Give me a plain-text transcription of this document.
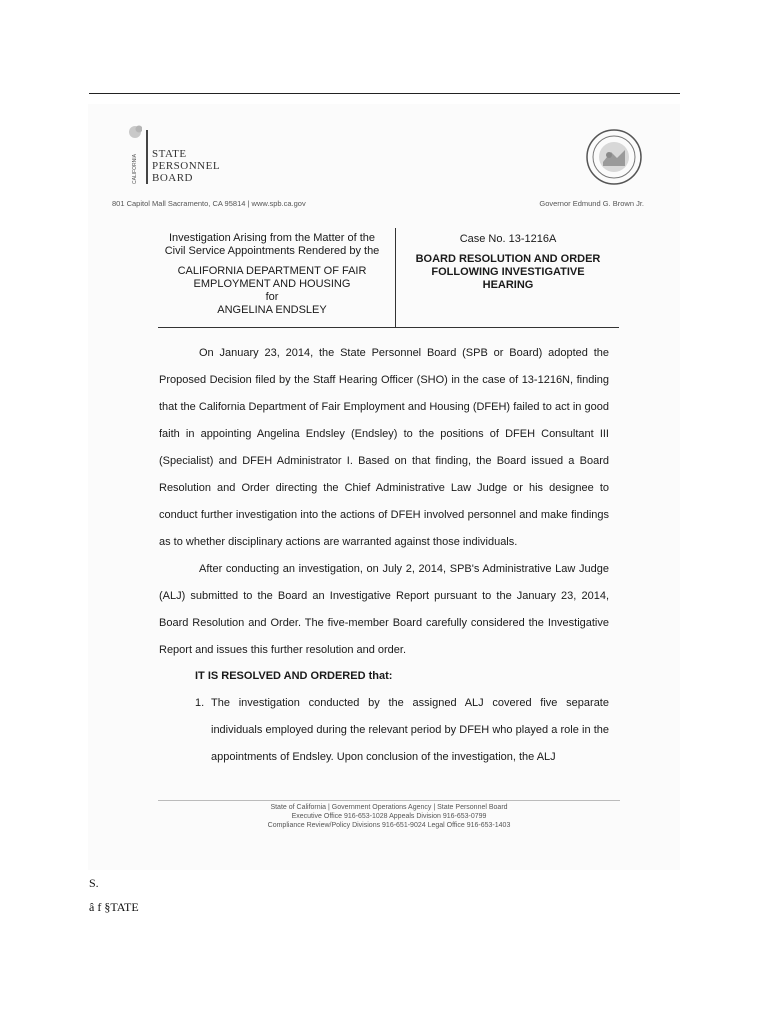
CALIFORNIA STATE
PERSONNEL
BOARD
801 Capitol Mall Sacramento, CA 95814 | www.spb.ca.gov	Governor Edmund G. Brown Jr.
Investigation Arising from the Matter of the
Civil Service Appointments Rendered by the
CALIFORNIA DEPARTMENT OF FAIR
EMPLOYMENT AND HOUSING
for
ANGELINA ENDSLEY
Case No. 13-1216A
BOARD RESOLUTION AND ORDER
FOLLOWING INVESTIGATIVE
HEARING

On January 23, 2014, the State Personnel Board (SPB or Board) adopted the Proposed Decision filed by the Staff Hearing Officer (SHO) in the case of 13-1216N, finding that the California Department of Fair Employment and Housing (DFEH) failed to act in good faith in appointing Angelina Endsley (Endsley) to the positions of DFEH Consultant III (Specialist) and DFEH Administrator I. Based on that finding, the Board issued a Board Resolution and Order directing the Chief Administrative Law Judge or his designee to conduct further investigation into the actions of DFEH involved personnel and make findings as to whether disciplinary actions are warranted against those individuals.

After conducting an investigation, on July 2, 2014, SPB's Administrative Law Judge (ALJ) submitted to the Board an Investigative Report pursuant to the January 23, 2014, Board Resolution and Order. The five-member Board carefully considered the Investigative Report and issues this further resolution and order.

IT IS RESOLVED AND ORDERED that:

1. The investigation conducted by the assigned ALJ covered five separate individuals employed during the relevant period by DFEH who played a role in the appointments of Endsley. Upon conclusion of the investigation, the ALJ
State of California | Government Operations Agency | State Personnel Board
Executive Office 916-653-1028 Appeals Division 916-653-0799
Compliance Review/Policy Divisions 916-651-9024 Legal Office 916-653-1403
S.
â f §TATE
